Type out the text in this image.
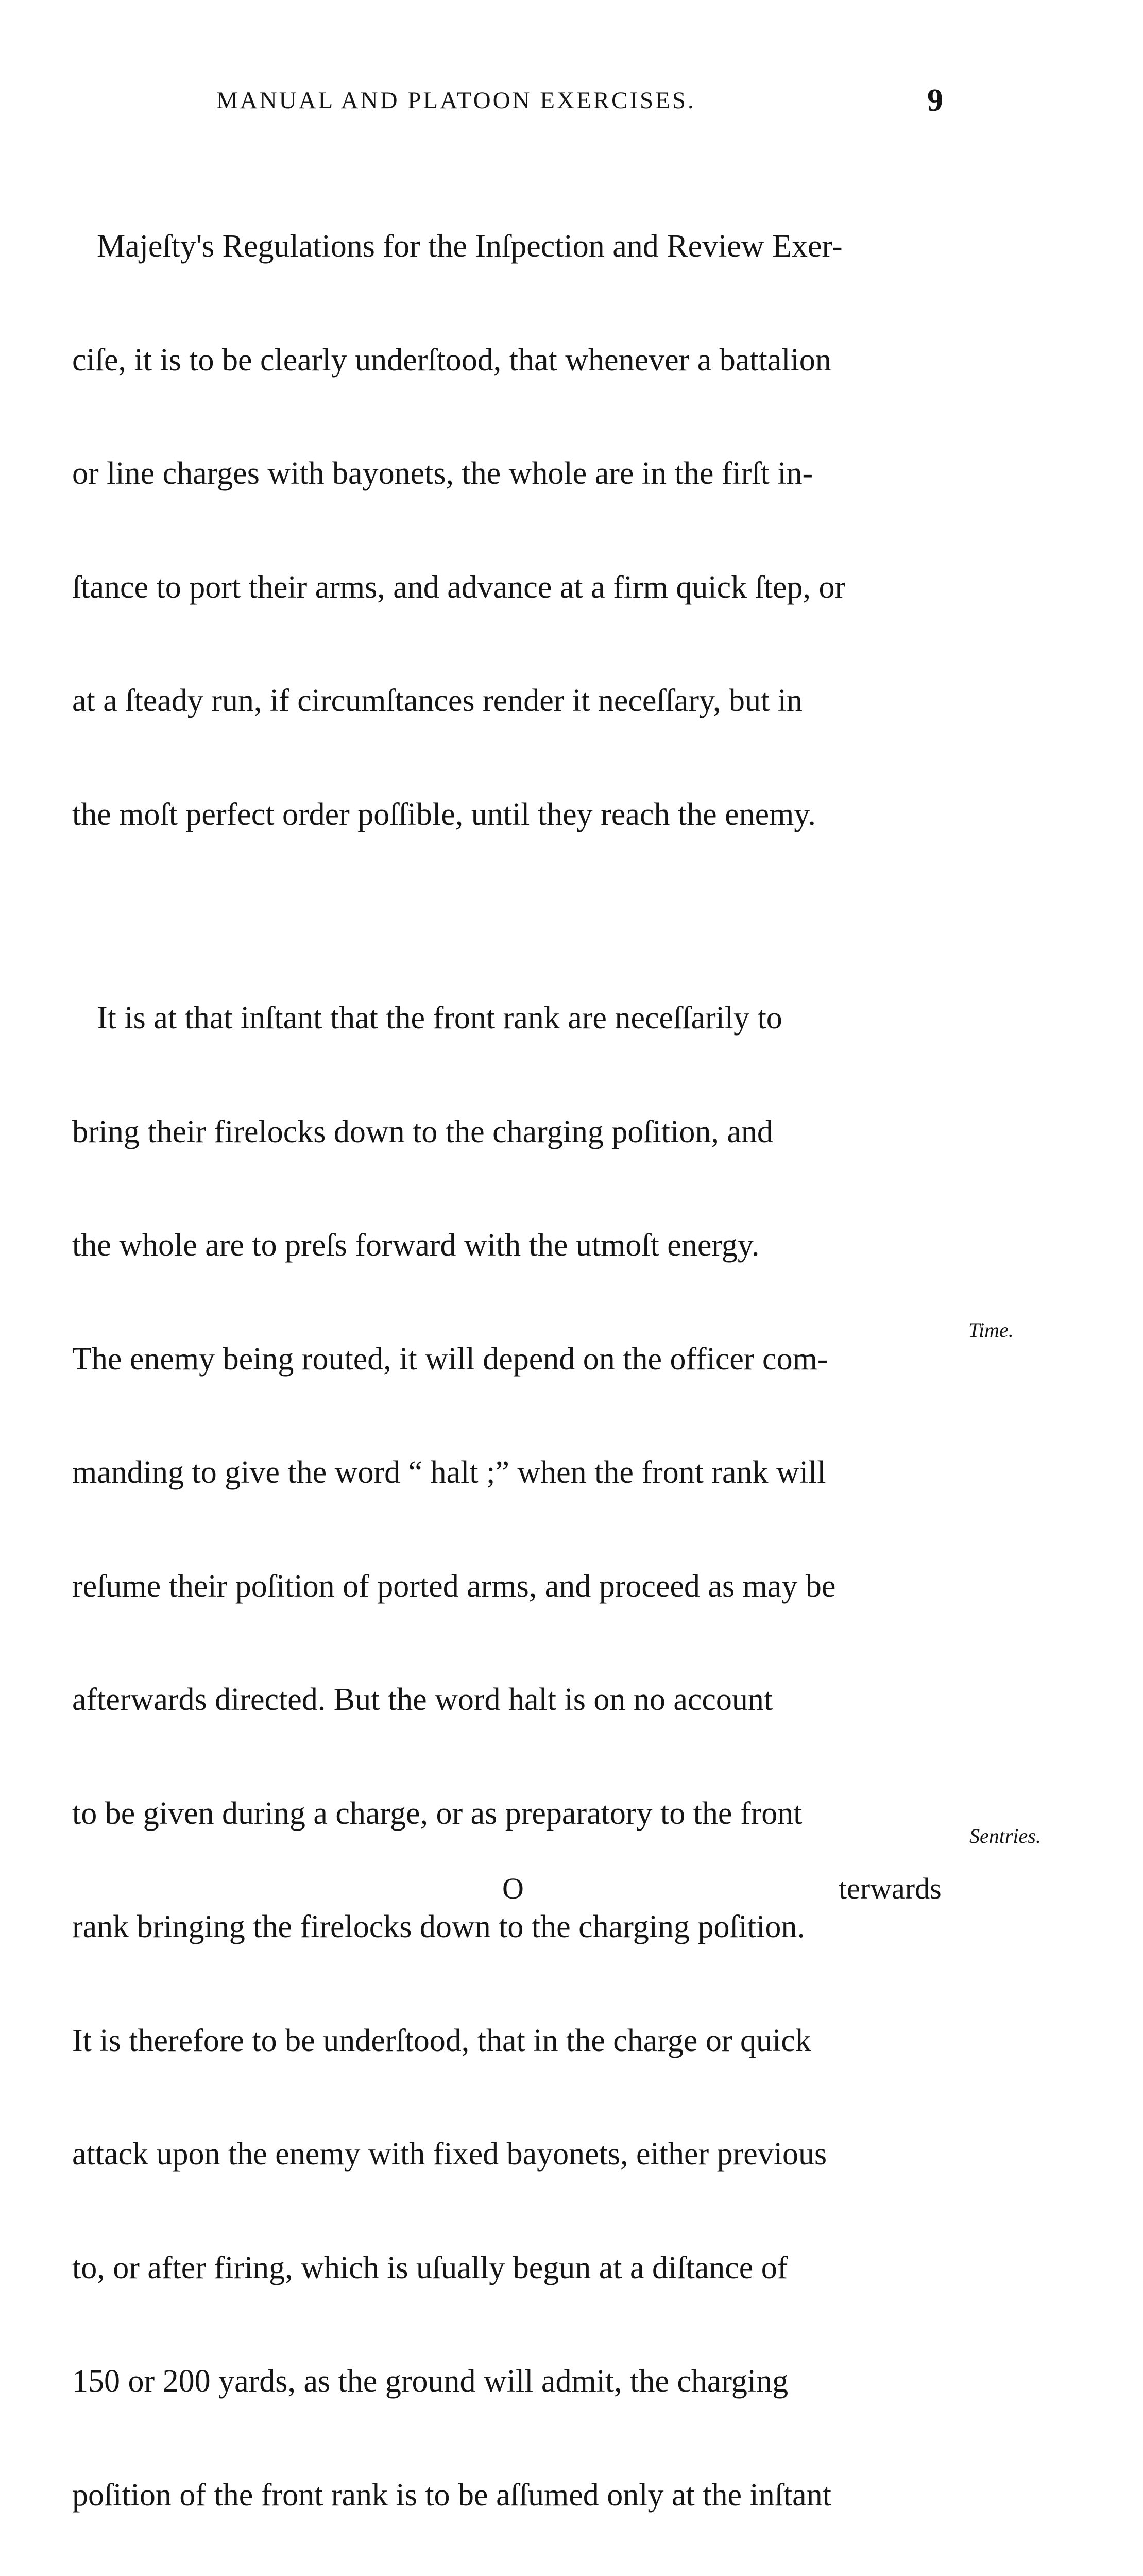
MANUAL AND PLATOON EXERCISES.	9

Majeſty's Regulations for the Inſpection and Review Exer-

ciſe, it is to be clearly underſtood, that whenever a battalion

or line charges with bayonets, the whole are in the firſt in-

ſtance to port their arms, and advance at a firm quick ſtep, or

at a ſteady run, if circumſtances render it neceſſary, but in

the moſt perfect order poſſible, until they reach the enemy.

It is at that inſtant that the front rank are neceſſarily to

bring their firelocks down to the charging poſition, and

the whole are to preſs forward with the utmoſt energy.

The enemy being routed, it will depend on the officer com-

manding to give the word “ halt ;” when the front rank will

reſume their poſition of ported arms, and proceed as may be

afterwards directed. But the word halt is on no account

to be given during a charge, or as preparatory to the front

rank bringing the firelocks down to the charging poſition.

It is therefore to be underſtood, that in the charge or quick

attack upon the enemy with fixed bayonets, either previous

to, or after firing, which is uſually begun at a diſtance of

150 or 200 yards, as the ground will admit, the charging

poſition of the front rank is to be aſſumed only at the inſtant

Time.
Sentries.
O	terwards
